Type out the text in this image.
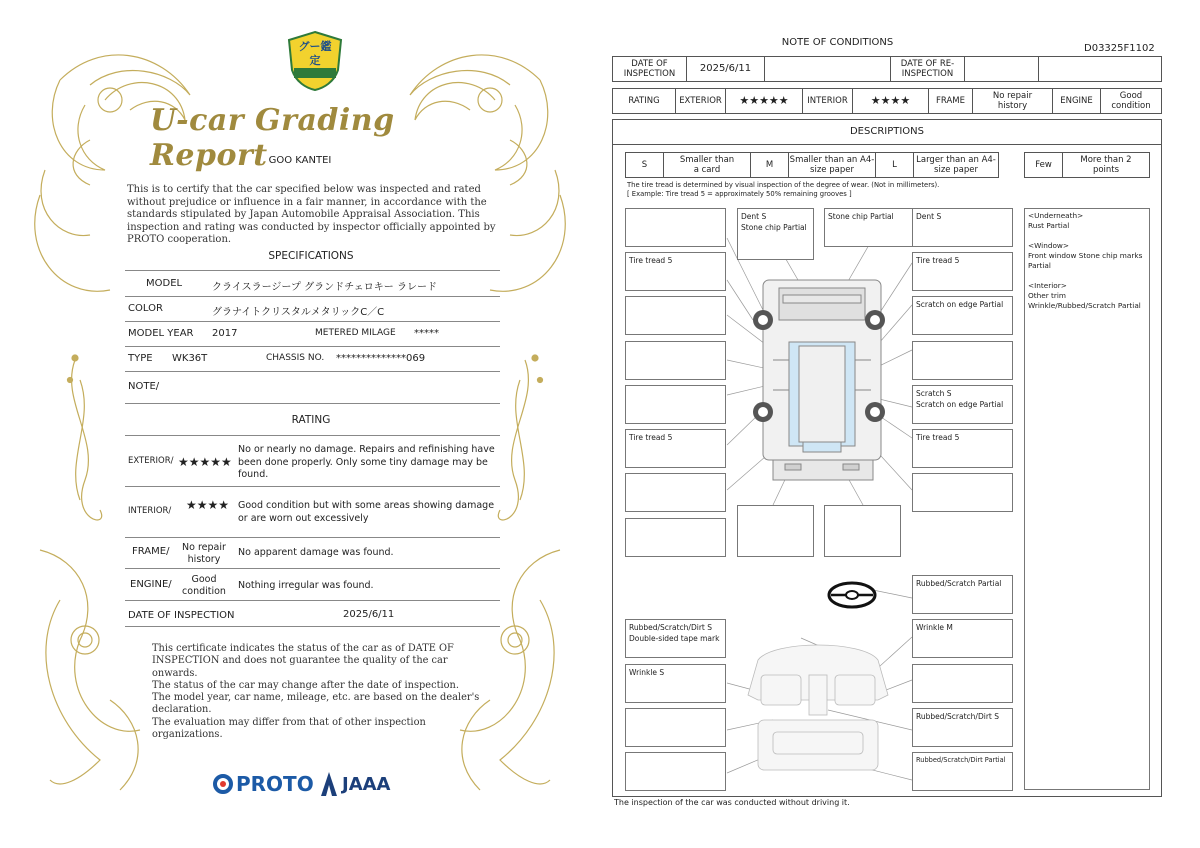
グー鑑定
U-car Grading Report GOO KANTEI
This is to certify that the car specified below was inspected and rated without prejudice or influence in a fair manner, in accordance with the standards stipulated by Japan Automobile Appraisal Association. This inspection and rating was conducted by inspector officially appointed by PROTO cooperation.
SPECIFICATIONS
MODEL	クライスラージープ グランドチェロキー ラレード
COLOR	グラナイトクリスタルメタリックC／C
MODEL YEAR 2017	METERED MILAGE *****
TYPE WK36T	CHASSIS NO. **************069
NOTE/
RATING
EXTERIOR/ ★★★★★
No or nearly no damage. Repairs and refinishing have been done properly. Only some tiny damage may be found.
INTERIOR/ ★★★★ Good condition but with some areas showing damage or are worn out excessively
FRAME/	No repair history
No apparent damage was found.
ENGINE/	Good condition
Nothing irregular was found.
DATE OF INSPECTION	2025/6/11
This certificate indicates the status of the car as of DATE OF
INSPECTION and does not guarantee the quality of the car onwards.
The status of the car may change after the date of inspection.
The model year, car name, mileage, etc. are based on the dealer's
declaration.
The evaluation may differ from that of other inspection organizations.
PROTO JAAA
NOTE OF CONDITIONS
D03325F1102
DATE OF INSPECTION	2025/6/11	DATE OF RE-INSPECTION
RATING	EXTERIOR	★★★★★	INTERIOR	★★★★	FRAME	No repair history	ENGINE	Good condition
DESCRIPTIONS
S	Smaller than a card	M	Smaller than an A4-size paper	L	Larger than an A4-size paper	Few	More than 2 points
The tire tread is determined by visual inspection of the degree of wear. (Not in millimeters).
[ Example: Tire tread 5 = approximately 50% remaining grooves ]
<Underneath>
Rust Partial

<Window>
Front window Stone chip marks Partial

<Interior>
Other trim
Wrinkle/Rubbed/Scratch Partial
Dent S
Stone chip Partial
Stone chip Partial	Dent S
Tire tread 5	Tire tread 5
Scratch on edge Partial
Scratch S
Scratch on edge Partial
Tire tread 5	Tire tread 5
Rubbed/Scratch Partial
Rubbed/Scratch/Dirt S
Double-sided tape mark
Wrinkle M
Wrinkle S
Rubbed/Scratch/Dirt S
Rubbed/Scratch/Dirt Partial
The inspection of the car was conducted without driving it.
